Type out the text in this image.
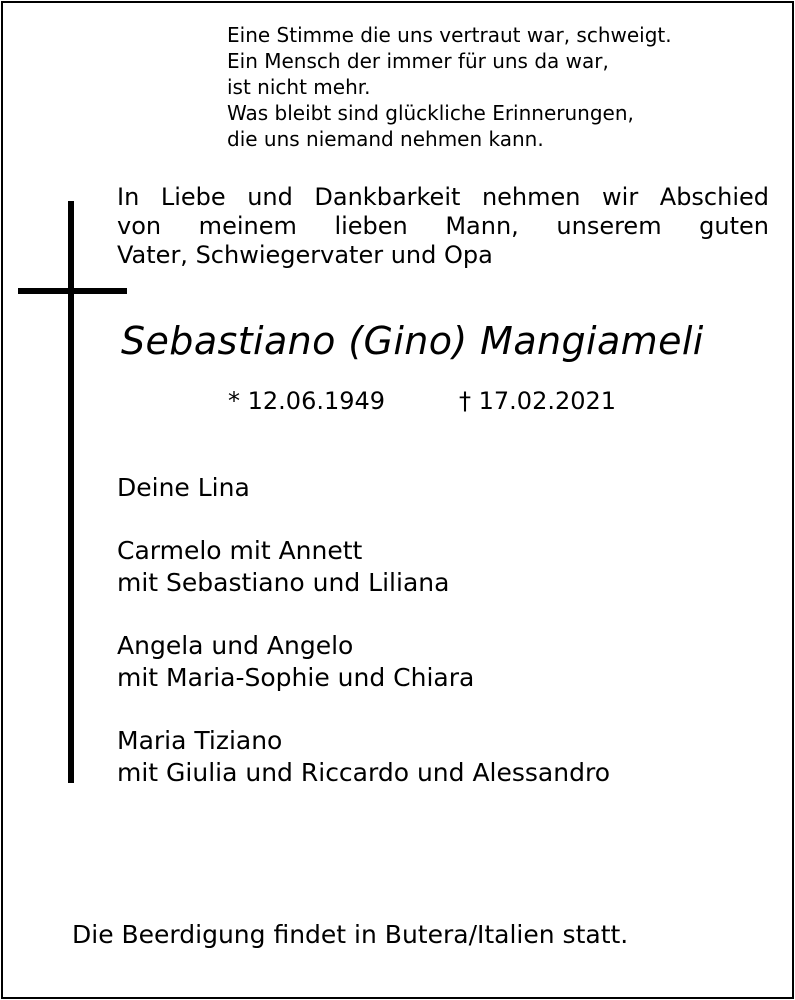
Eine Stimme die uns vertraut war, schweigt.
Ein Mensch der immer für uns da war,
ist nicht mehr.
Was bleibt sind glückliche Erinnerungen,
die uns niemand nehmen kann.
In Liebe und Dankbarkeit nehmen wir Abschied
von meinem lieben Mann, unserem guten
Vater, Schwiegervater und Opa
Sebastiano (Gino) Mangiameli
* 12.06.1949	† 17.02.2021
Deine Lina
Carmelo mit Annett
mit Sebastiano und Liliana
Angela und Angelo
mit Maria-Sophie und Chiara
Maria Tiziano
mit Giulia und Riccardo und Alessandro
Die Beerdigung findet in Butera/Italien statt.
